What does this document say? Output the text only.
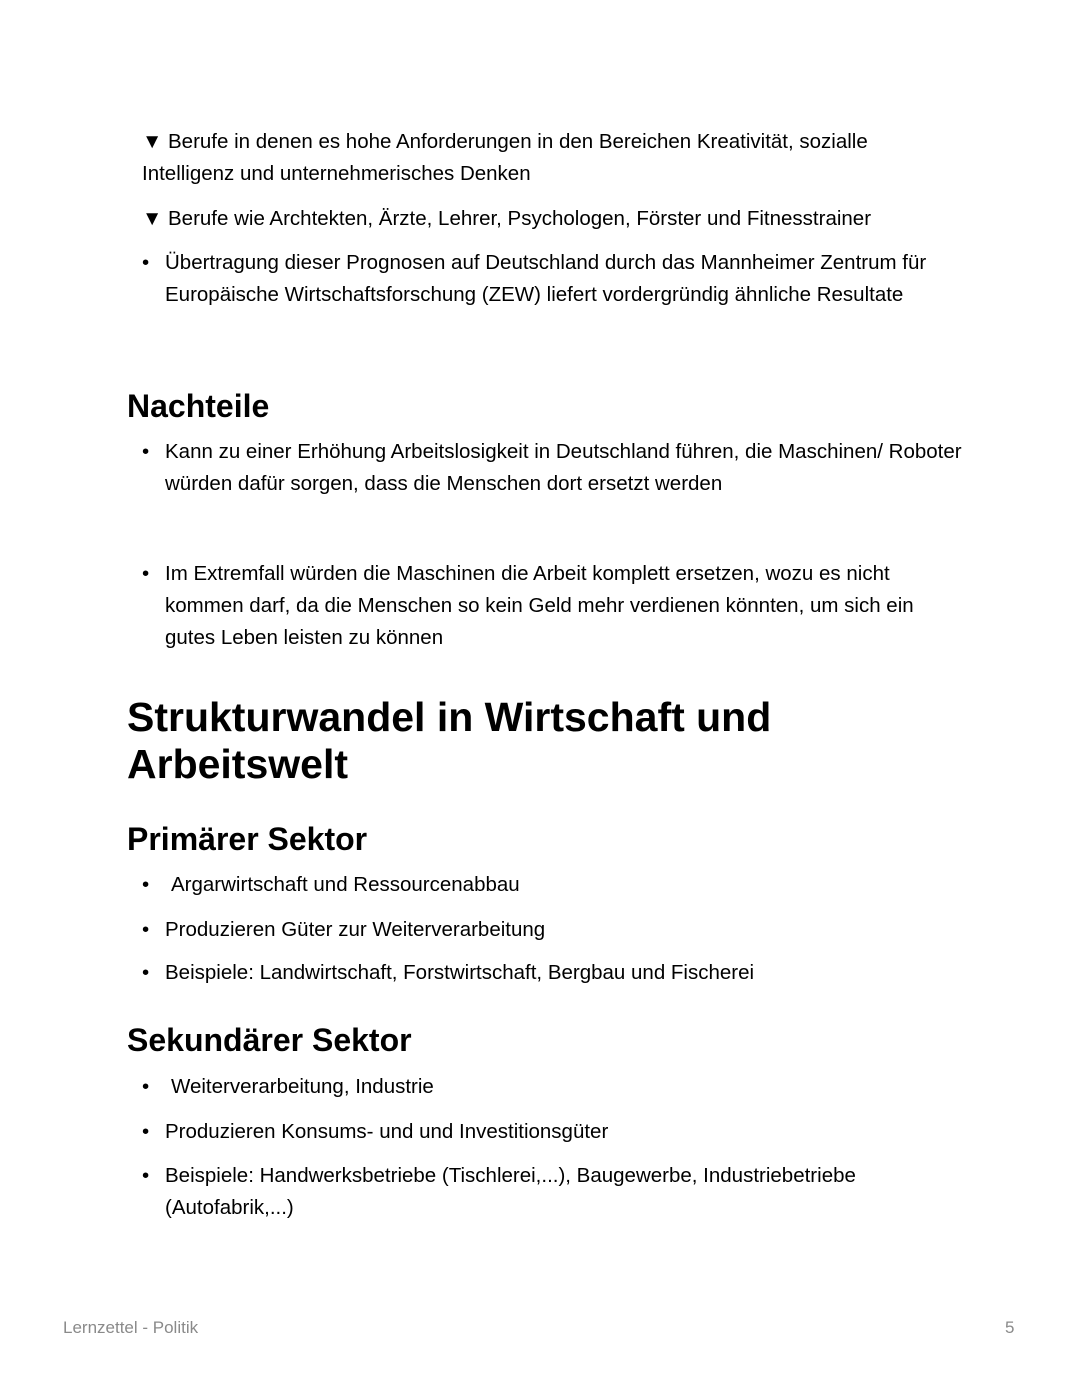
▼ Berufe in denen es hohe Anforderungen in den Bereichen Kreativität, sozialle Intelligenz und unternehmerisches Denken
▼ Berufe wie Archtekten, Ärzte, Lehrer, Psychologen, Förster und Fitnesstrainer
• Übertragung dieser Prognosen auf Deutschland durch das Mannheimer Zentrum für Europäische Wirtschaftsforschung (ZEW) liefert vordergründig ähnliche Resultate
Nachteile
• Kann zu einer Erhöhung Arbeitslosigkeit in Deutschland führen, die Maschinen/ Roboter würden dafür sorgen, dass die Menschen dort ersetzt werden
• Im Extremfall würden die Maschinen die Arbeit komplett ersetzen, wozu es nicht kommen darf, da die Menschen so kein Geld mehr verdienen könnten, um sich ein gutes Leben leisten zu können
Strukturwandel in Wirtschaft und Arbeitswelt
Primärer Sektor
•	Argarwirtschaft und Ressourcenabbau
• Produzieren Güter zur Weiterverarbeitung
• Beispiele: Landwirtschaft, Forstwirtschaft, Bergbau und Fischerei
Sekundärer Sektor
•	Weiterverarbeitung, Industrie
• Produzieren Konsums- und und Investitionsgüter
• Beispiele: Handwerksbetriebe (Tischlerei,...), Baugewerbe, Industriebetriebe (Autofabrik,...)
Lernzettel - Politik	5
